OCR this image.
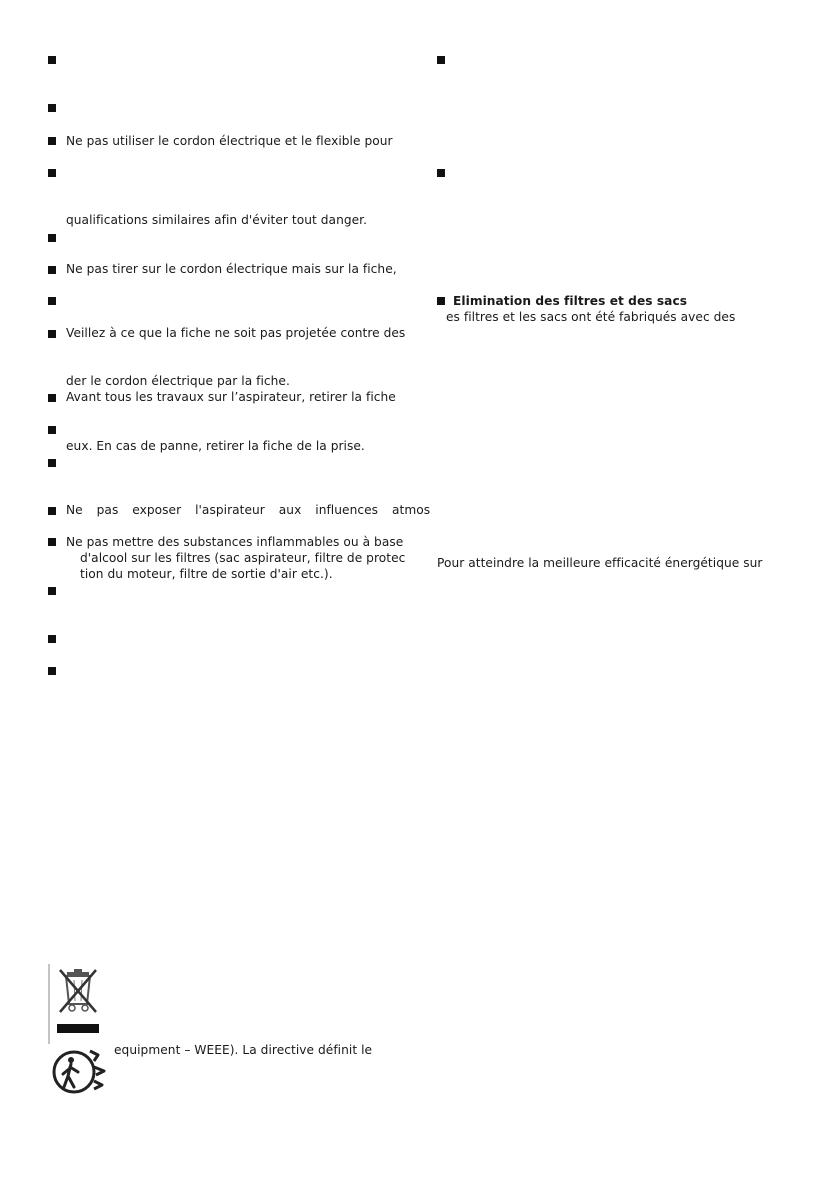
Ne pas utiliser le cordon électrique et le flexible pour
qualifications similaires afin d'éviter tout danger.
Ne pas tirer sur le cordon électrique mais sur la fiche,
Veillez à ce que la fiche ne soit pas projetée contre des
der le cordon électrique par la fiche.
Avant tous les travaux sur l’aspirateur, retirer la fiche
eux. En cas de panne, retirer la fiche de la prise.
Ne pas exposer l'aspirateur aux influences atmos
Ne pas mettre des substances inflammables ou à base
d'alcool sur les filtres (sac aspirateur, filtre de protec
tion du moteur, filtre de sortie d'air etc.).
Elimination des filtres et des sacs
es filtres et les sacs ont été fabriqués avec des
Pour atteindre la meilleure efficacité énergétique sur
equipment – WEEE). La directive définit le
